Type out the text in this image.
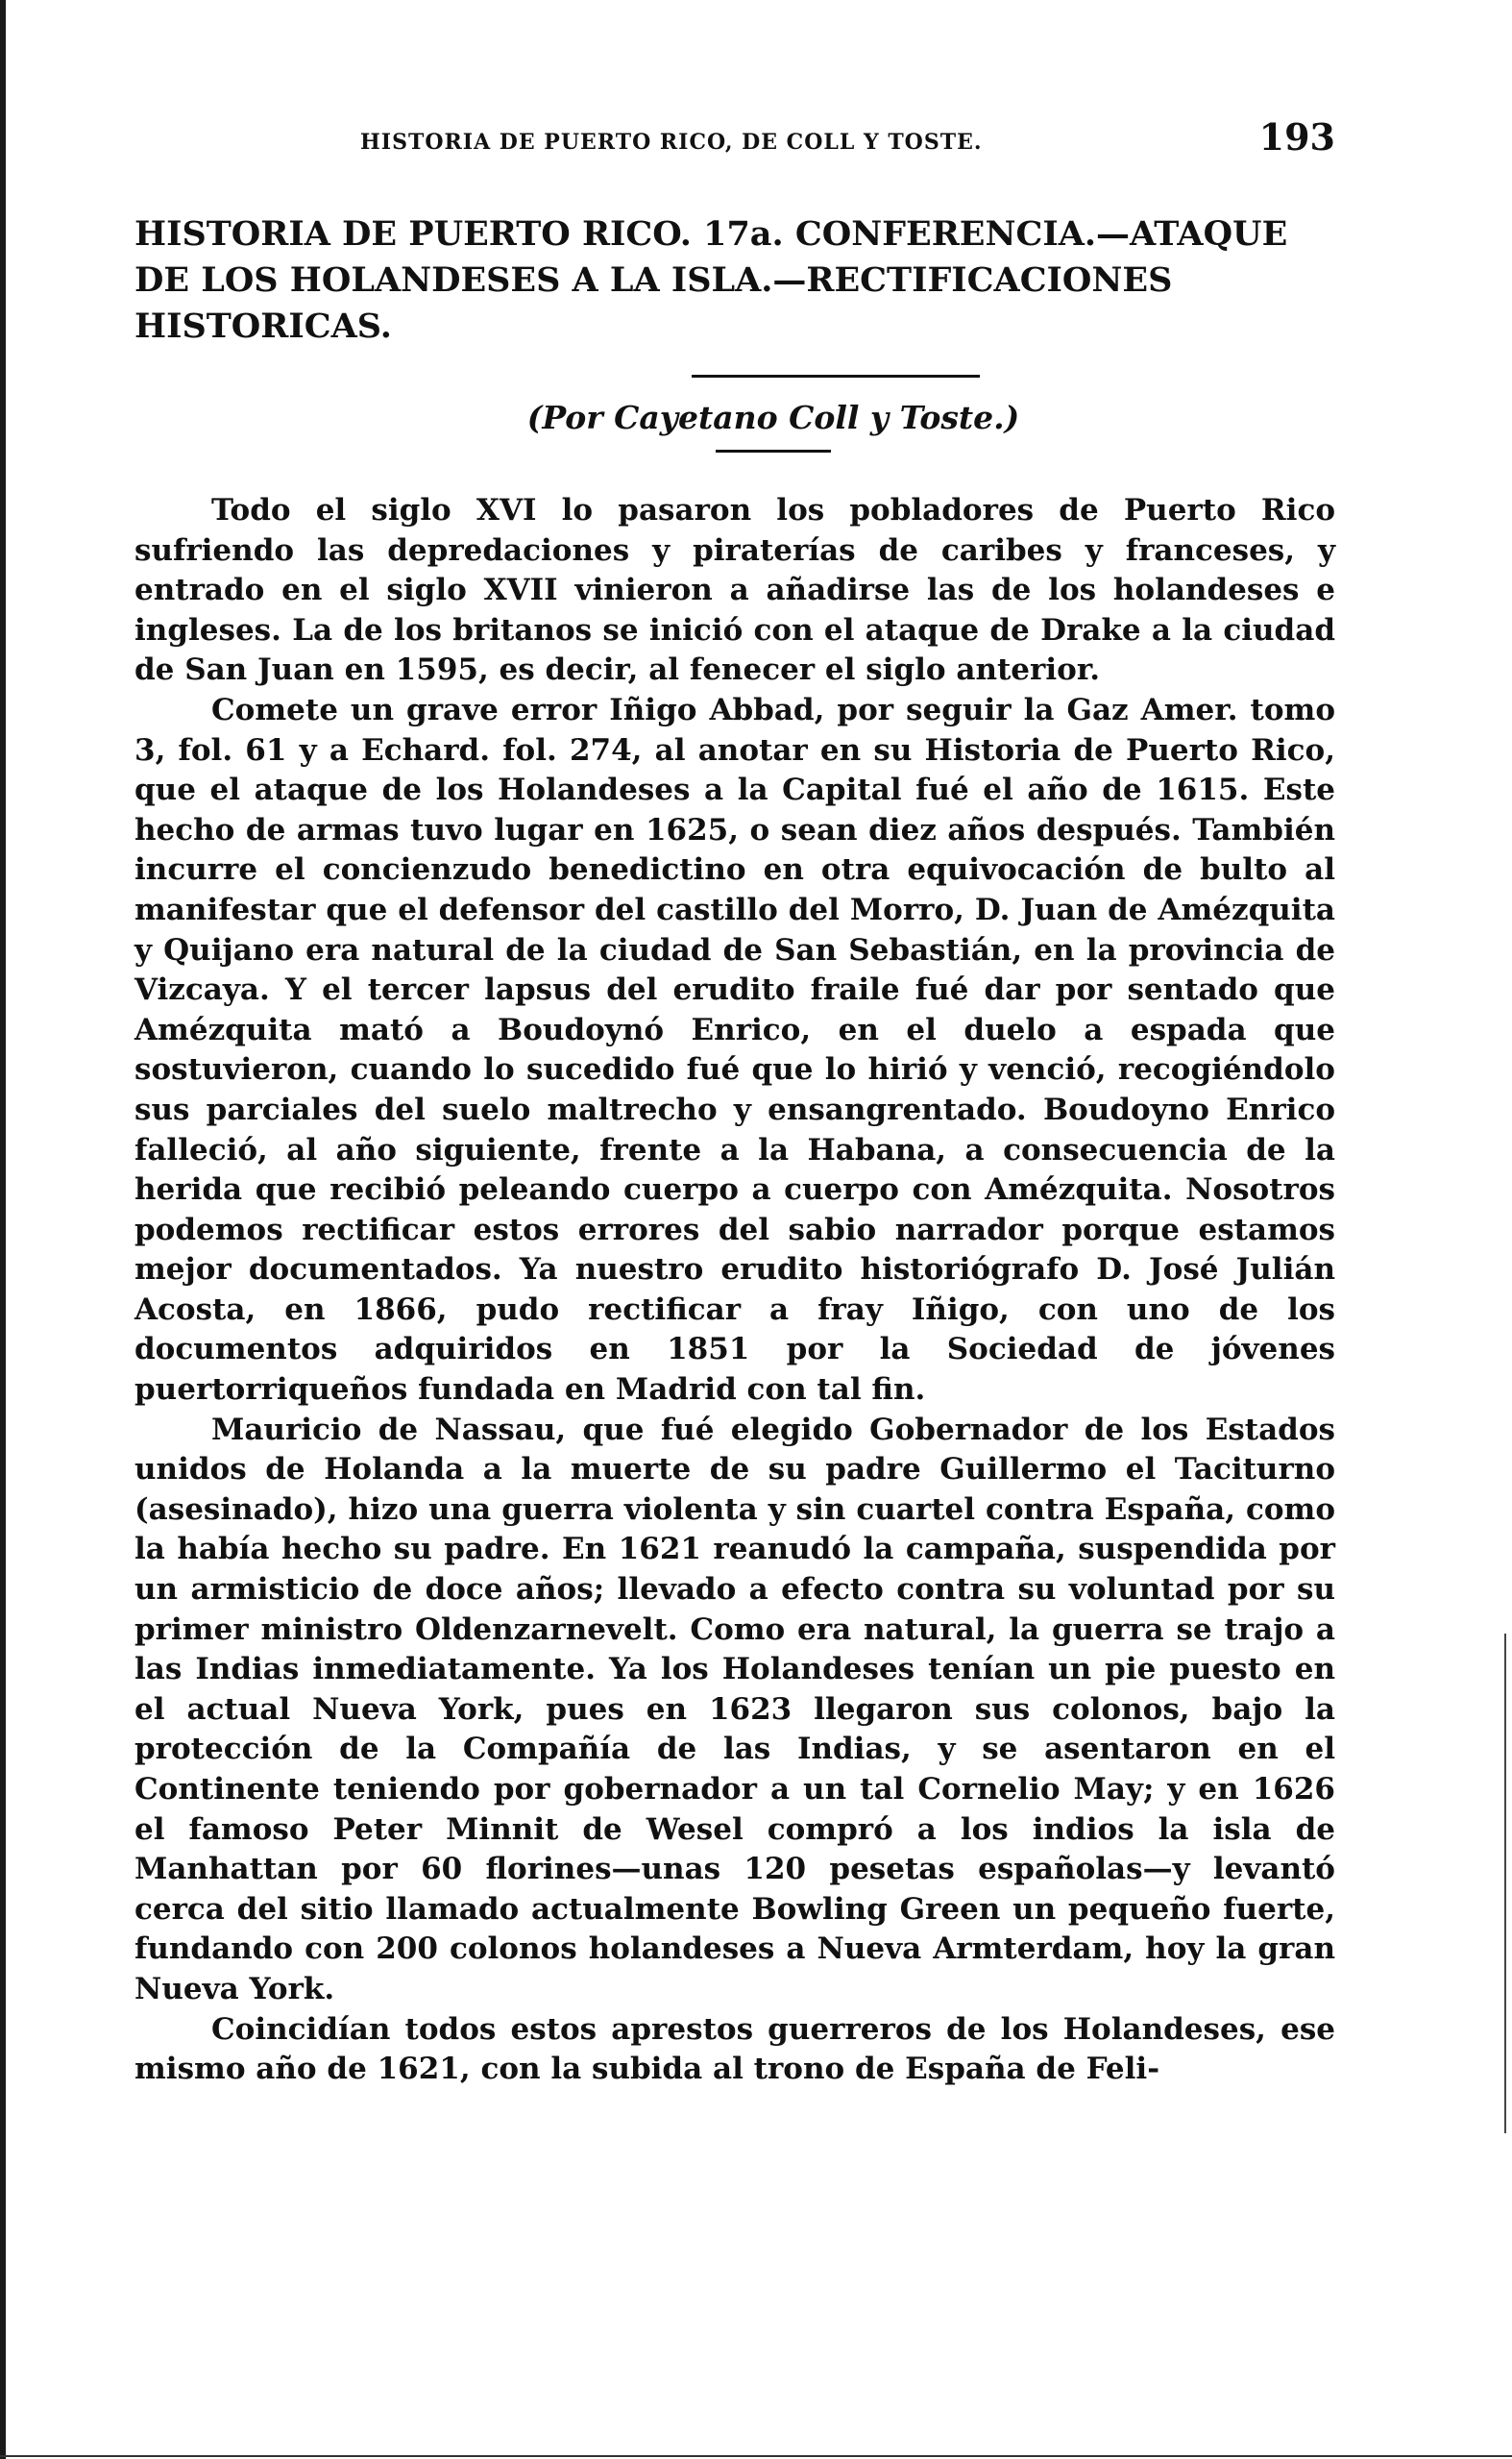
HISTORIA DE PUERTO RICO, DE COLL Y TOSTE.	193
HISTORIA DE PUERTO RICO. 17a. CONFERENCIA.—ATAQUE DE LOS HOLANDESES A LA ISLA.—RECTIFICACIONES HISTORICAS.
(Por Cayetano Coll y Toste.)

Todo el siglo XVI lo pasaron los pobladores de Puerto Rico sufriendo las depredaciones y piraterías de caribes y franceses, y entrado en el siglo XVII vinieron a añadirse las de los holandeses e ingleses. La de los britanos se inició con el ataque de Drake a la ciudad de San Juan en 1595, es decir, al fenecer el siglo anterior.

Comete un grave error Iñigo Abbad, por seguir la Gaz Amer. tomo 3, fol. 61 y a Echard. fol. 274, al anotar en su Historia de Puerto Rico, que el ataque de los Holandeses a la Capital fué el año de 1615. Este hecho de armas tuvo lugar en 1625, o sean diez años después. También incurre el concienzudo benedictino en otra equivocación de bulto al manifestar que el defensor del castillo del Morro, D. Juan de Amézquita y Quijano era natural de la ciudad de San Sebastián, en la provincia de Vizcaya. Y el tercer lapsus del erudito fraile fué dar por sentado que Amézquita mató a Boudoynó Enrico, en el duelo a espada que sostuvieron, cuando lo sucedido fué que lo hirió y venció, recogiéndolo sus parciales del suelo maltrecho y ensangrentado. Boudoyno Enrico falleció, al año siguiente, frente a la Habana, a consecuencia de la herida que recibió peleando cuerpo a cuerpo con Amézquita. Nosotros podemos rectificar estos errores del sabio narrador porque estamos mejor documentados. Ya nuestro erudito historiógrafo D. José Julián Acosta, en 1866, pudo rectificar a fray Iñigo, con uno de los documentos adquiridos en 1851 por la Sociedad de jóvenes puertorriqueños fundada en Madrid con tal fin.

Mauricio de Nassau, que fué elegido Gobernador de los Estados unidos de Holanda a la muerte de su padre Guillermo el Taciturno (asesinado), hizo una guerra violenta y sin cuartel contra España, como la había hecho su padre. En 1621 reanudó la campaña, suspendida por un armisticio de doce años; llevado a efecto contra su voluntad por su primer ministro Oldenzarnevelt. Como era natural, la guerra se trajo a las Indias inmediatamente. Ya los Holandeses tenían un pie puesto en el actual Nueva York, pues en 1623 llegaron sus colonos, bajo la protección de la Compañía de las Indias, y se asentaron en el Continente teniendo por gobernador a un tal Cornelio May; y en 1626 el famoso Peter Minnit de Wesel compró a los indios la isla de Manhattan por 60 florines—unas 120 pesetas españolas—y levantó cerca del sitio llamado actualmente Bowling Green un pequeño fuerte, fundando con 200 colonos holandeses a Nueva Armterdam, hoy la gran Nueva York.

Coincidían todos estos aprestos guerreros de los Holandeses, ese mismo año de 1621, con la subida al trono de España de Feli-
